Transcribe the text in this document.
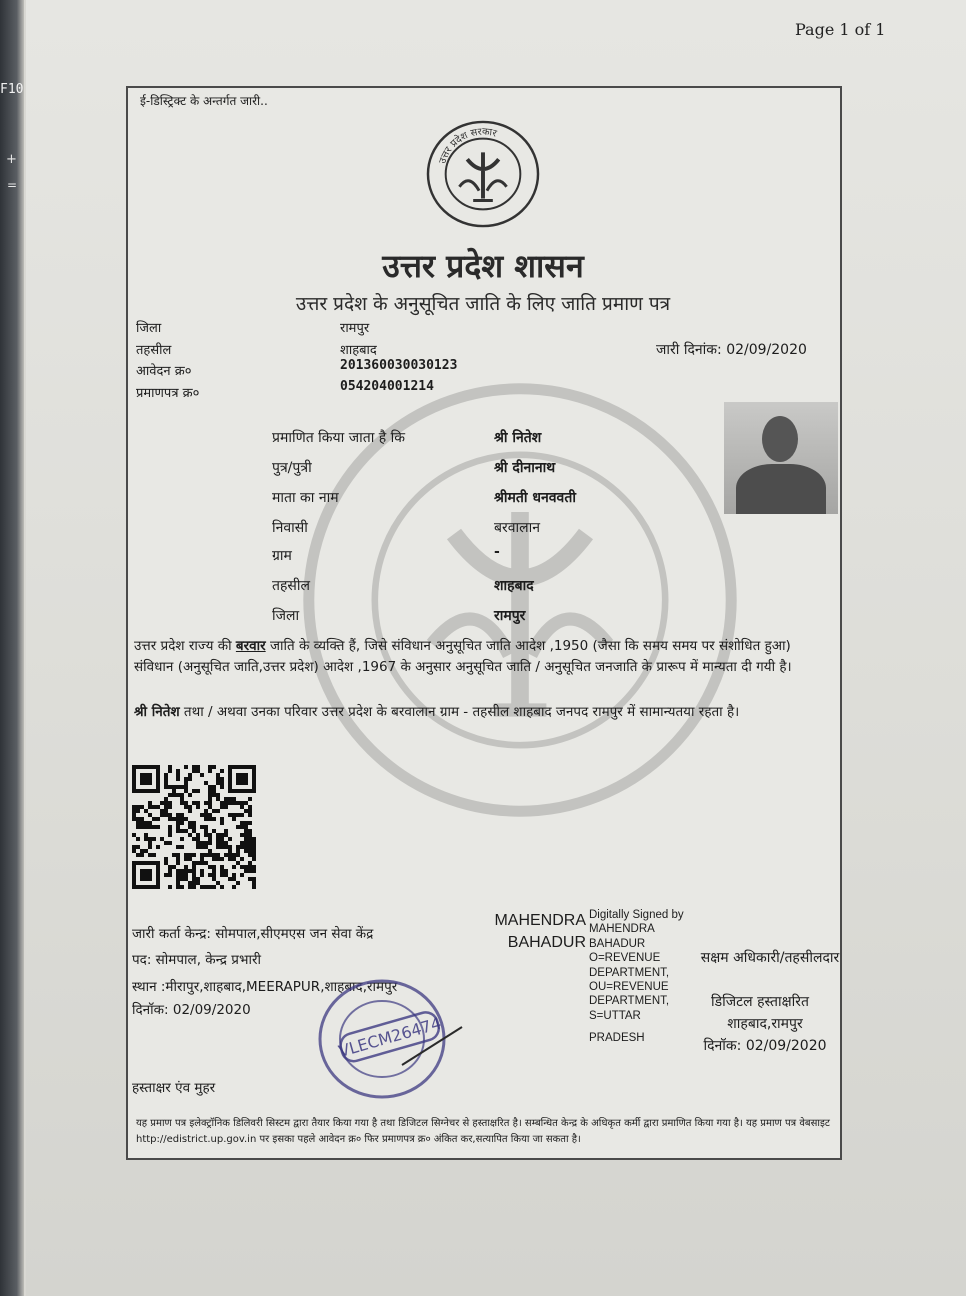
F10
+
=
Page 1 of 1
ई-डिस्ट्रिक्ट के अन्तर्गत जारी..
उत्तर प्रदेश सरकार
उत्तर प्रदेश शासन
उत्तर प्रदेश के अनुसूचित जाति के लिए जाति प्रमाण पत्र
जिला	रामपुर
तहसील	शाहबाद
आवेदन क्र०	201360030030123
प्रमाणपत्र क्र०	054204001214
जारी दिनांक: 02/09/2020
प्रमाणित किया जाता है कि	श्री नितेश
पुत्र/पुत्री	श्री दीनानाथ
माता का नाम	श्रीमती धनववती
निवासी	बरवालान
ग्राम	-
तहसील	शाहबाद
जिला	रामपुर
उत्तर प्रदेश राज्य की बरवार जाति के व्यक्ति हैं, जिसे संविधान अनुसूचित जाति आदेश ,1950 (जैसा कि समय समय पर संशोधित हुआ) संविधान (अनुसूचित जाति,उत्तर प्रदेश) आदेश ,1967 के अनुसार अनुसूचित जाति / अनुसूचित जनजाति के प्रारूप में मान्यता दी गयी है।
श्री नितेश तथा / अथवा उनका परिवार उत्तर प्रदेश के बरवालान ग्राम - तहसील शाहबाद जनपद रामपुर में सामान्यतया रहता है।
जारी कर्ता केन्द्र: सोमपाल,सीएमएस जन सेवा केंद्र
पद: सोमपाल, केन्द्र प्रभारी
स्थान :मीरापुर,शाहबाद,MEERAPUR,शाहबाद,रामपुर
दिनॉक: 02/09/2020
हस्ताक्षर एंव मुहर
MAHENDRA
BAHADUR
Digitally Signed by MAHENDRA BAHADUR O=REVENUE DEPARTMENT, OU=REVENUE DEPARTMENT, S=UTTAR
PRADESH
सक्षम अधिकारी/तहसीलदार
डिजिटल हस्ताक्षरित
शाहबाद,रामपुर
दिनॉक: 02/09/2020
VLECM26474
यह प्रमाण पत्र इलेक्ट्रॉनिक डिलिवरी सिस्टम द्वारा तैयार किया गया है तथा डिजिटल सिग्नेचर से हस्ताक्षरित है। सम्बन्धित केन्द्र के अधिकृत कर्मी द्वारा प्रमाणित किया गया है। यह प्रमाण पत्र वेबसाइट http://edistrict.up.gov.in पर इसका पहले आवेदन क्र० फिर प्रमाणपत्र क्र० अंकित कर,सत्यापित किया जा सकता है।
